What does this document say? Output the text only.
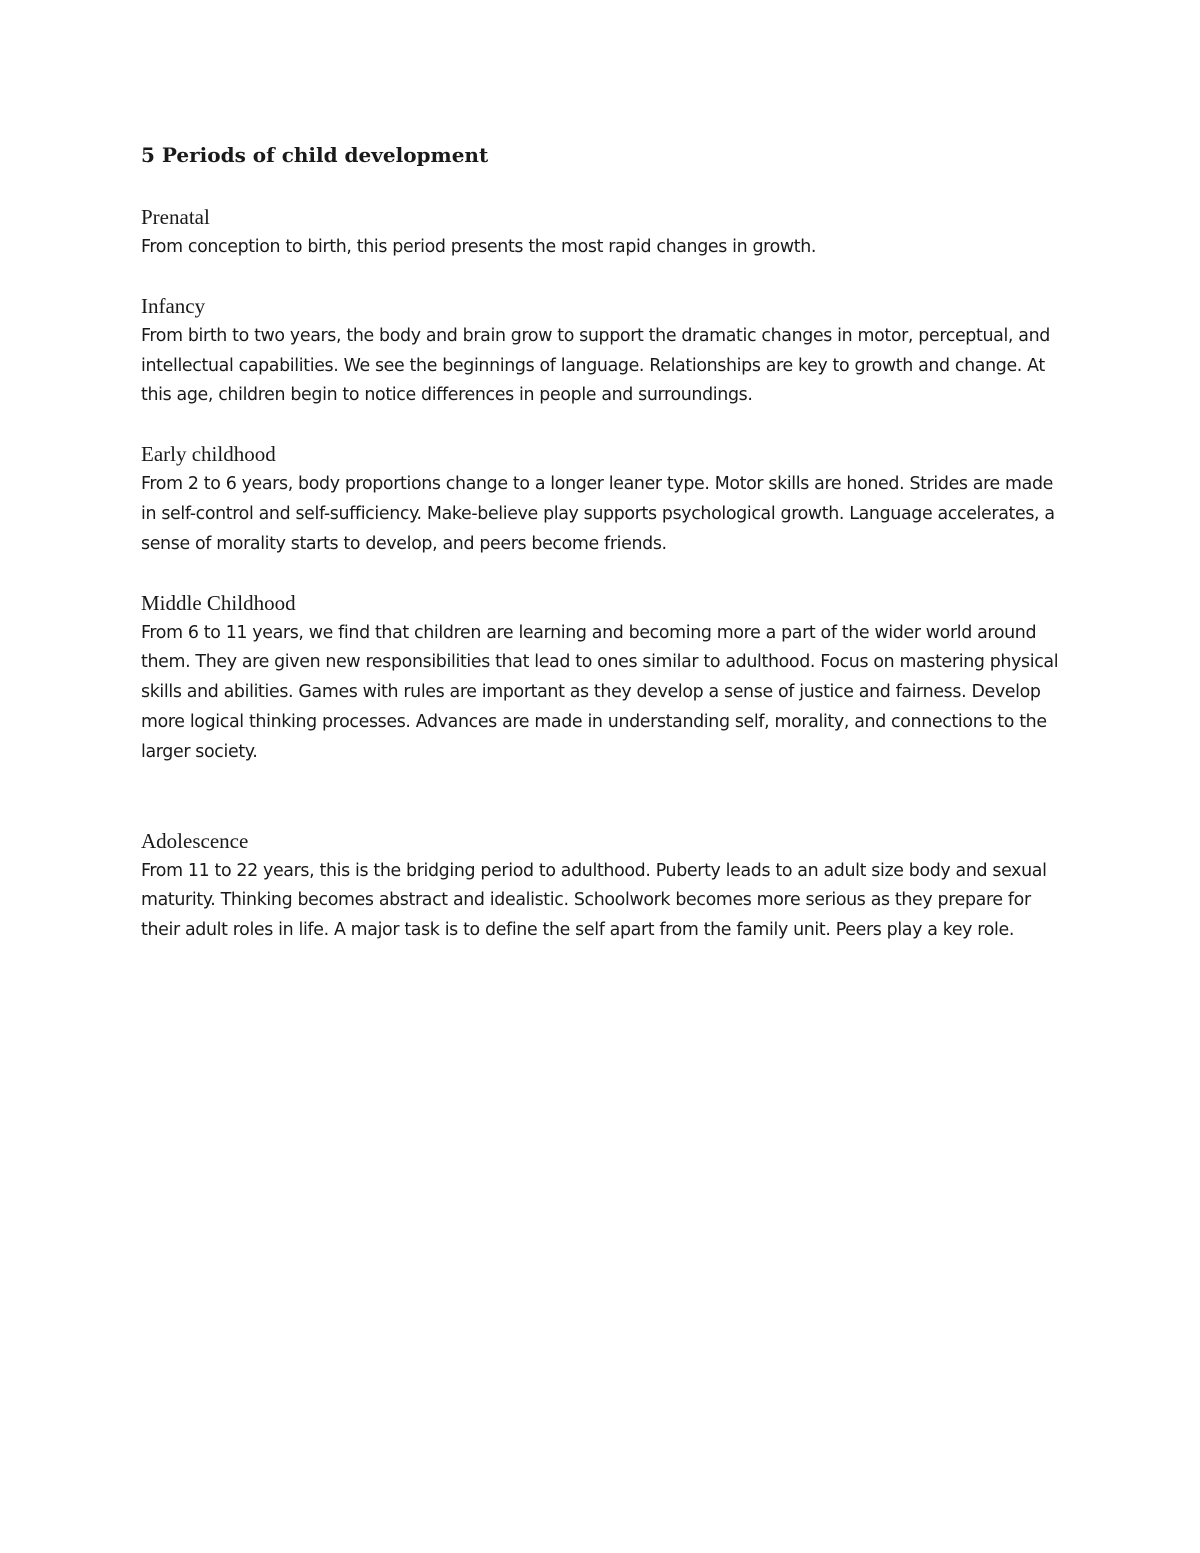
5 Periods of child development
Prenatal

From conception to birth, this period presents the most rapid changes in growth.

Infancy

From birth to two years, the body and brain grow to support the dramatic changes in motor, perceptual, and intellectual capabilities. We see the beginnings of language. Relationships are key to growth and change. At this age, children begin to notice differences in people and surroundings.

Early childhood

From 2 to 6 years, body proportions change to a longer leaner type. Motor skills are honed. Strides are made in self-control and self-sufficiency. Make-believe play supports psychological growth. Language accelerates, a sense of morality starts to develop, and peers become friends.

Middle Childhood

From 6 to 11 years, we find that children are learning and becoming more a part of the wider world around them. They are given new responsibilities that lead to ones similar to adulthood. Focus on mastering physical skills and abilities. Games with rules are important as they develop a sense of justice and fairness. Develop more logical thinking processes. Advances are made in understanding self, morality, and connections to the larger society.

Adolescence

From 11 to 22 years, this is the bridging period to adulthood. Puberty leads to an adult size body and sexual maturity. Thinking becomes abstract and idealistic. Schoolwork becomes more serious as they prepare for their adult roles in life. A major task is to define the self apart from the family unit. Peers play a key role.
